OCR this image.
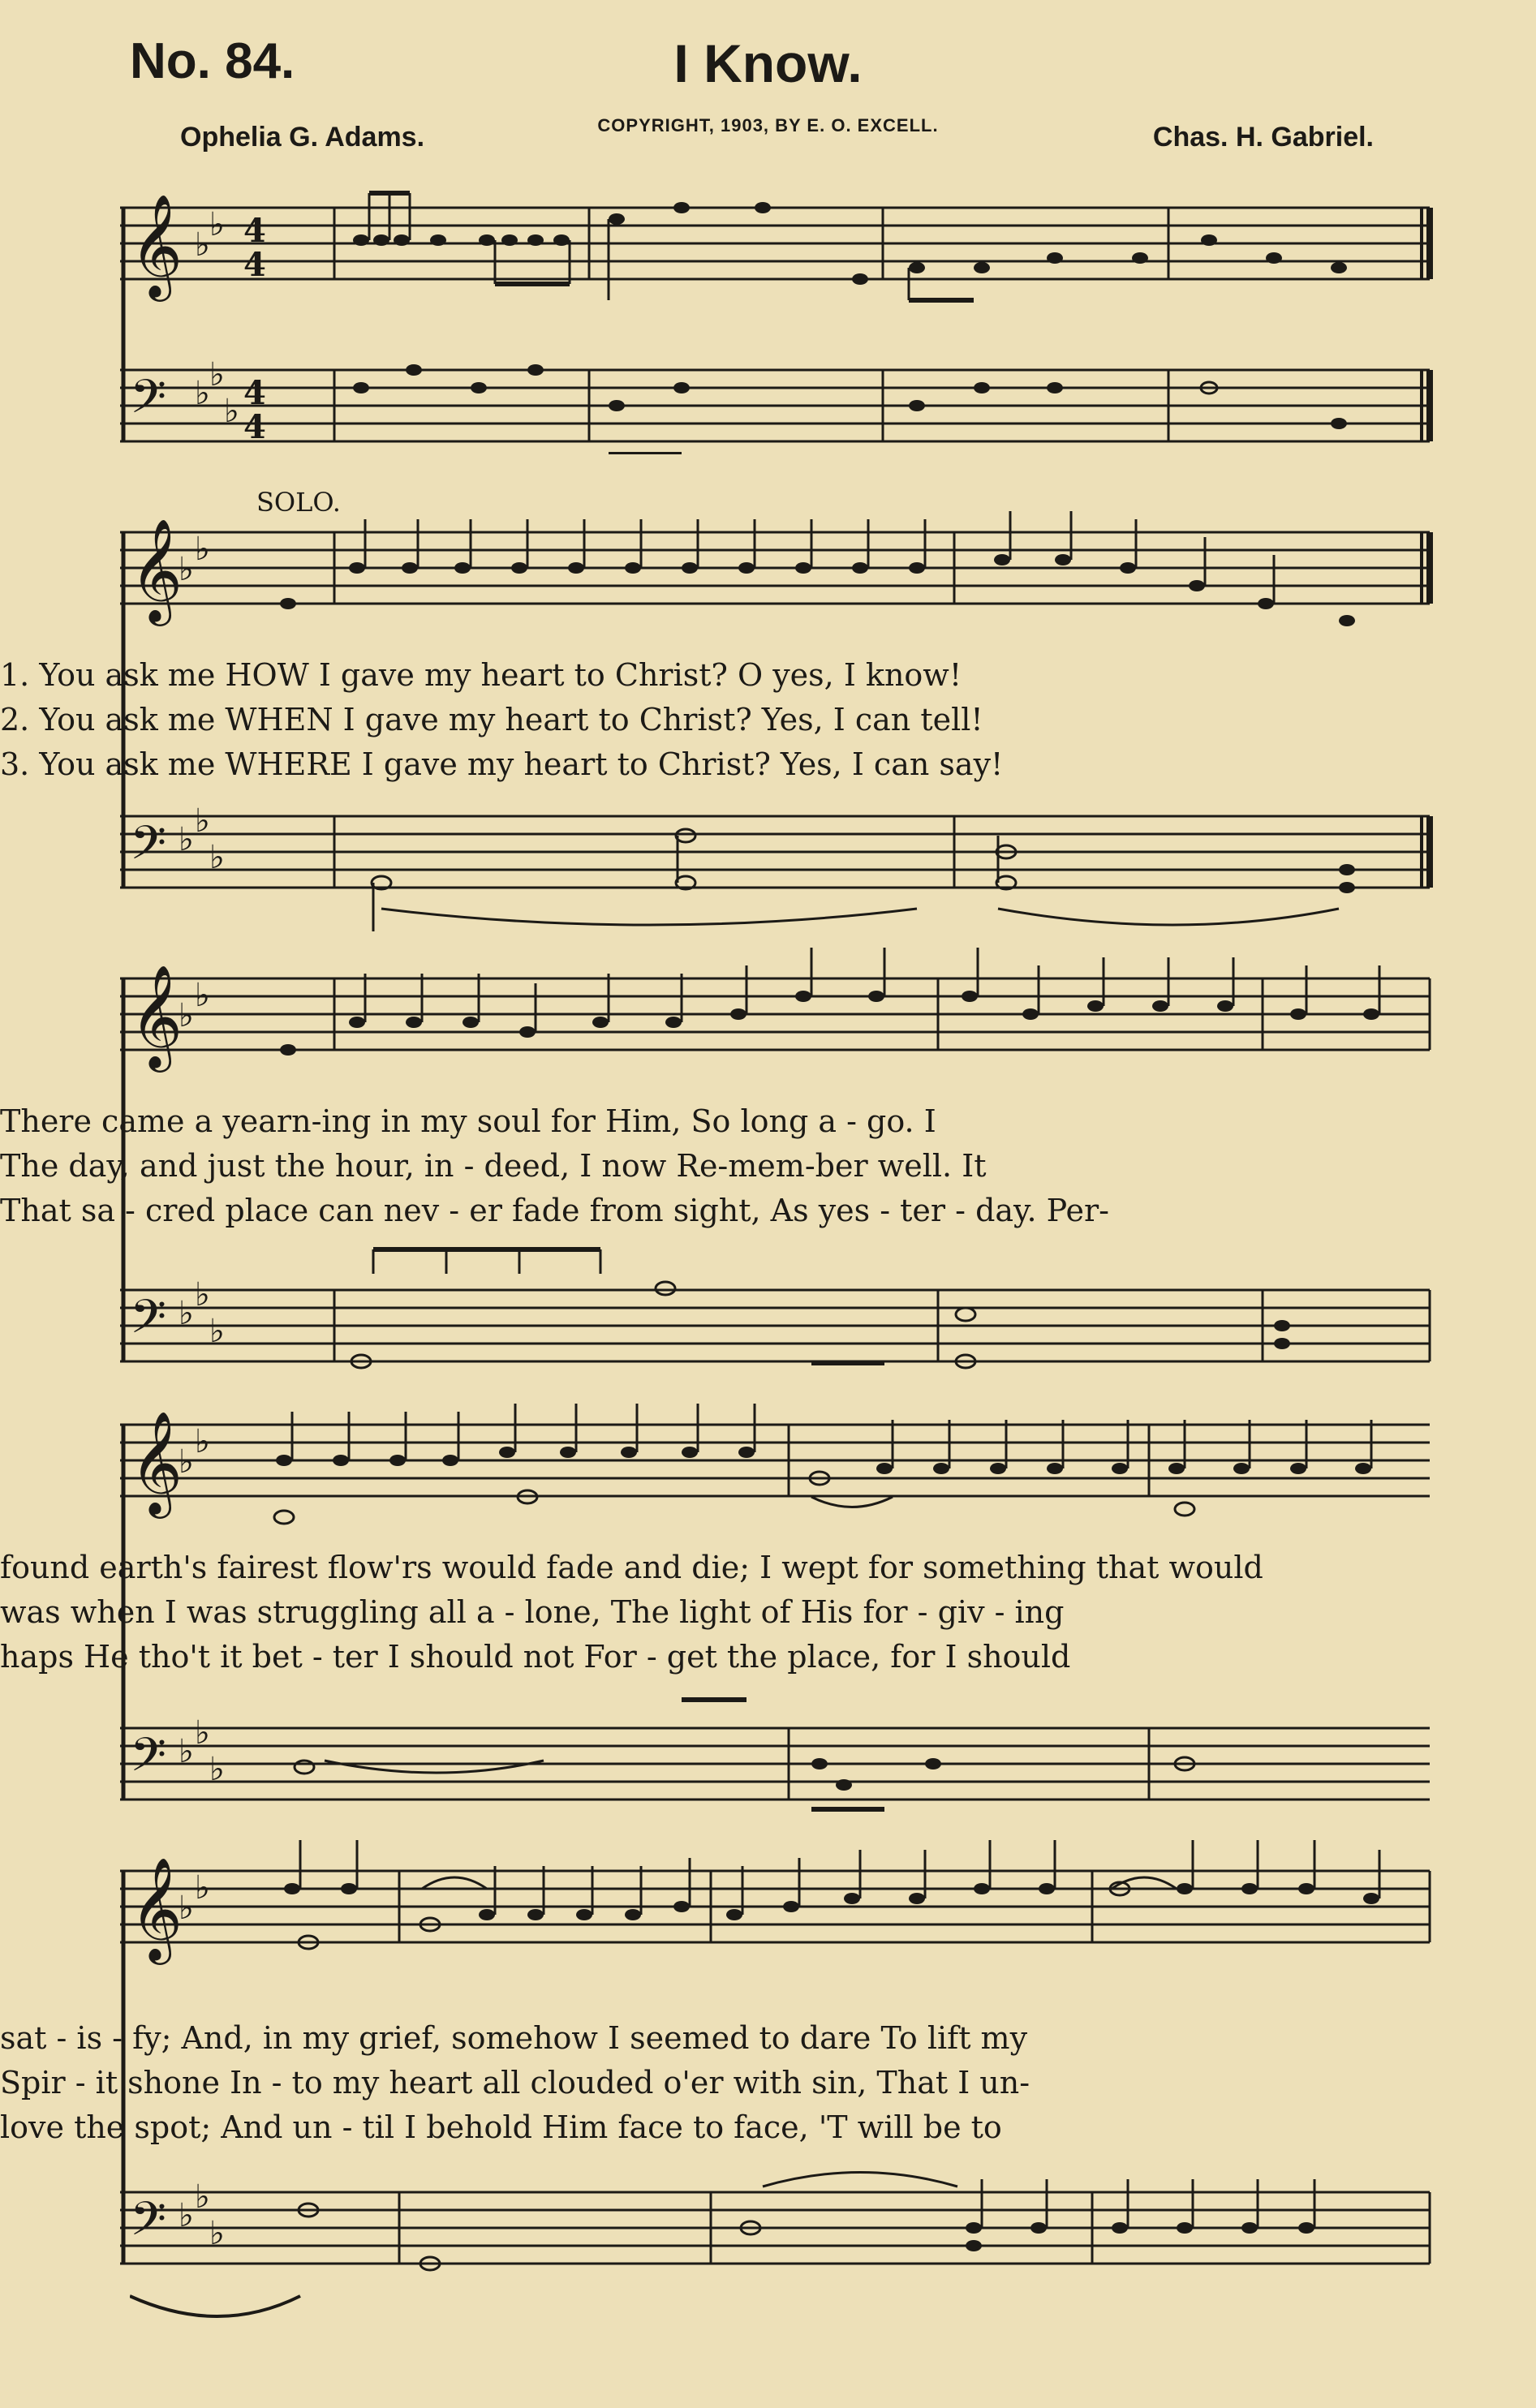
No. 84.	I Know.
Ophelia G. Adams.	COPYRIGHT, 1903, BY E. O. EXCELL.	Chas. H. Gabriel.
𝄞
𝄢
♭
♭
♭ ♭
♭
4
4
4
4
SOLO.
𝄞
𝄢
♭
♭
♭ ♭
♭
1. You ask me HOW I gave my heart to Christ? O yes, I know!
2. You ask me WHEN I gave my heart to Christ? Yes, I can tell!
3. You ask me WHERE I gave my heart to Christ? Yes, I can say!
𝄞
𝄢
♭
♭
♭ ♭
♭
There came a yearn-ing in my soul for Him, So long a - go. I
The day, and just the hour, in - deed, I now Re-mem-ber well. It
That sa - cred place can nev - er fade from sight, As yes - ter - day. Per-
𝄞
𝄢
♭
♭
♭ ♭
♭
found earth's fairest flow'rs would fade and die; I wept for something that would
was when I was struggling all a - lone, The light of His for - giv - ing
haps He tho't it bet - ter I should not For - get the place, for I should
𝄞
𝄢
♭
♭
♭ ♭
♭
sat - is - fy; And, in my grief, somehow I seemed to dare To lift my
Spir - it shone In - to my heart all clouded o'er with sin, That I un-
love the spot; And un - til I behold Him face to face, 'T will be to
